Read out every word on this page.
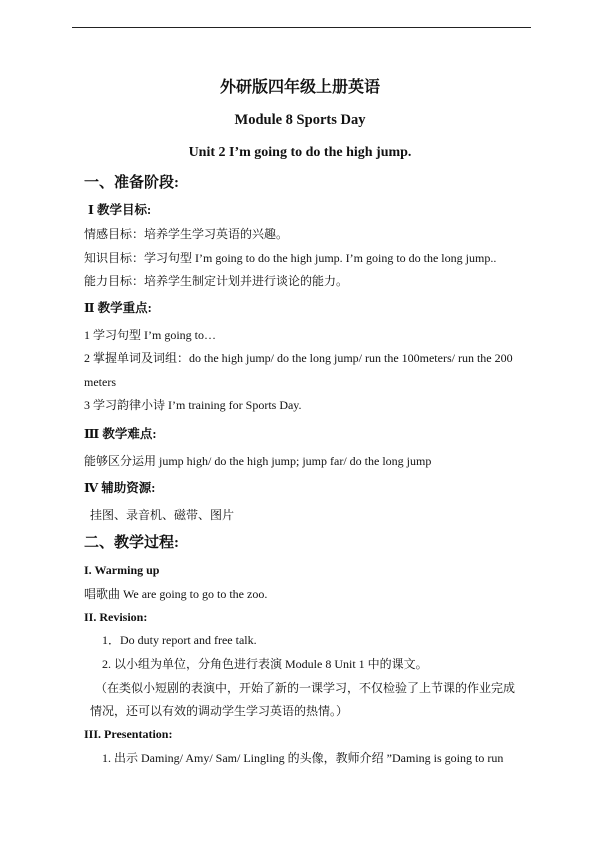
外研版四年级上册英语
Module 8 Sports Day
Unit 2 I’m going to do the high jump.
一、准备阶段:
Ⅰ 教学目标:
情感目标：培养学生学习英语的兴趣。
知识目标：学习句型 I’m going to do the high jump. I’m going to do the long jump..
能力目标：培养学生制定计划并进行谈论的能力。
Ⅱ 教学重点:
1 学习句型 I’m going to…
2 掌握单词及词组：do the high jump/ do the long jump/ run the 100meters/ run the 200
meters
3 学习韵律小诗 I’m training for Sports Day.
Ⅲ 教学难点:
能够区分运用 jump high/ do the high jump; jump far/ do the long jump
Ⅳ 辅助资源:
挂图、录音机、磁带、图片
二、教学过程:
I. Warming up
唱歌曲 We are going to go to the zoo.
II. Revision:
1．Do duty report and free talk.
2. 以小组为单位，分角色进行表演 Module 8 Unit 1 中的课文。
（在类似小短剧的表演中，开始了新的一课学习，不仅检验了上节课的作业完成
情况，还可以有效的调动学生学习英语的热情。）
III. Presentation:
1. 出示 Daming/ Amy/ Sam/ Lingling 的头像，教师介绍 ”Daming is going to run
